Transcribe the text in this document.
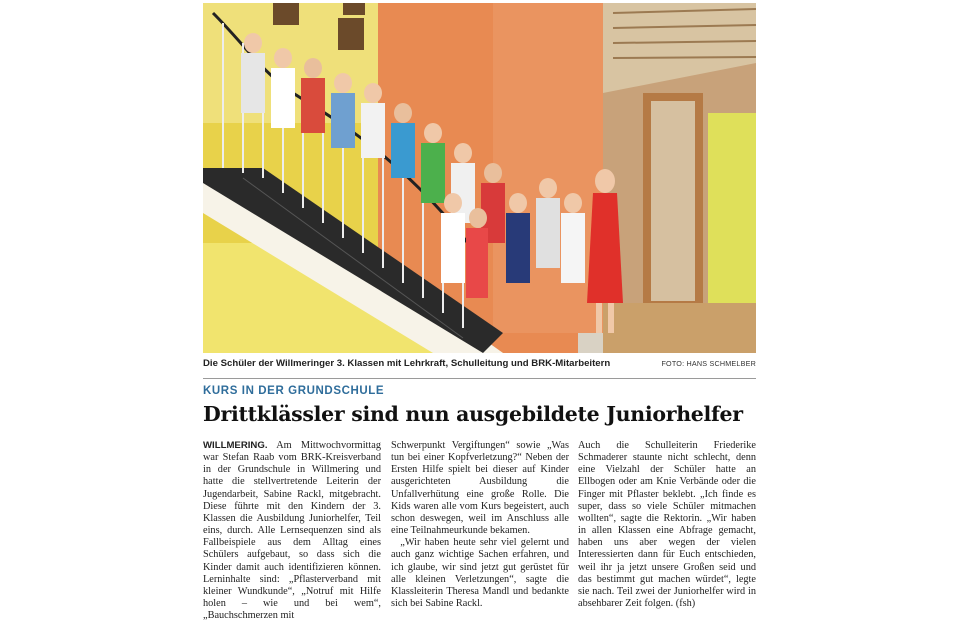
Die Schüler der Willmeringer 3. Klassen mit Lehrkraft, Schulleitung und BRK-Mitarbeitern	FOTO: HANS SCHMELBER
KURS IN DER GRUNDSCHULE
Drittklässler sind nun ausgebildete Juniorhelfer

WILLMERING. Am Mittwochvormittag war Stefan Raab vom BRK-Kreisverband in der Grundschule in Willmering und hatte die stellvertretende Leiterin der Jugendarbeit, Sabine Rackl, mitgebracht. Diese führte mit den Kindern der 3. Klassen die Ausbildung Juniorhelfer, Teil eins, durch. Alle Lernsequenzen sind als Fallbeispiele aus dem Alltag eines Schülers aufgebaut, so dass sich die Kinder damit auch identifizieren können. Lerninhalte sind: „Pflasterverband mit kleiner Wundkunde“, „Notruf mit Hilfe holen – wie und bei wem“, „Bauchschmerzen mit

Schwerpunkt Vergiftungen“ sowie „Was tun bei einer Kopfverletzung?“ Neben der Ersten Hilfe spielt bei dieser auf Kinder ausgerichteten Ausbildung die Unfallverhütung eine große Rolle. Die Kids waren alle vom Kurs begeistert, auch schon deswegen, weil im Anschluss alle eine Teilnahmeurkunde bekamen.

„Wir haben heute sehr viel gelernt und auch ganz wichtige Sachen erfahren, und ich glaube, wir sind jetzt gut gerüstet für alle kleinen Verletzungen“, sagte die Klassleiterin Theresa Mandl und bedankte sich bei Sabine Rackl.

Auch die Schulleiterin Friederike Schmaderer staunte nicht schlecht, denn eine Vielzahl der Schüler hatte an Ellbogen oder am Knie Verbände oder die Finger mit Pflaster beklebt. „Ich finde es super, dass so viele Schüler mitmachen wollten“, sagte die Rektorin. „Wir haben in allen Klassen eine Abfrage gemacht, haben uns aber wegen der vielen Interessierten dann für Euch entschieden, weil ihr ja jetzt unsere Großen seid und das bestimmt gut machen würdet“, legte sie nach. Teil zwei der Juniorhelfer wird in absehbarer Zeit folgen. (fsh)
